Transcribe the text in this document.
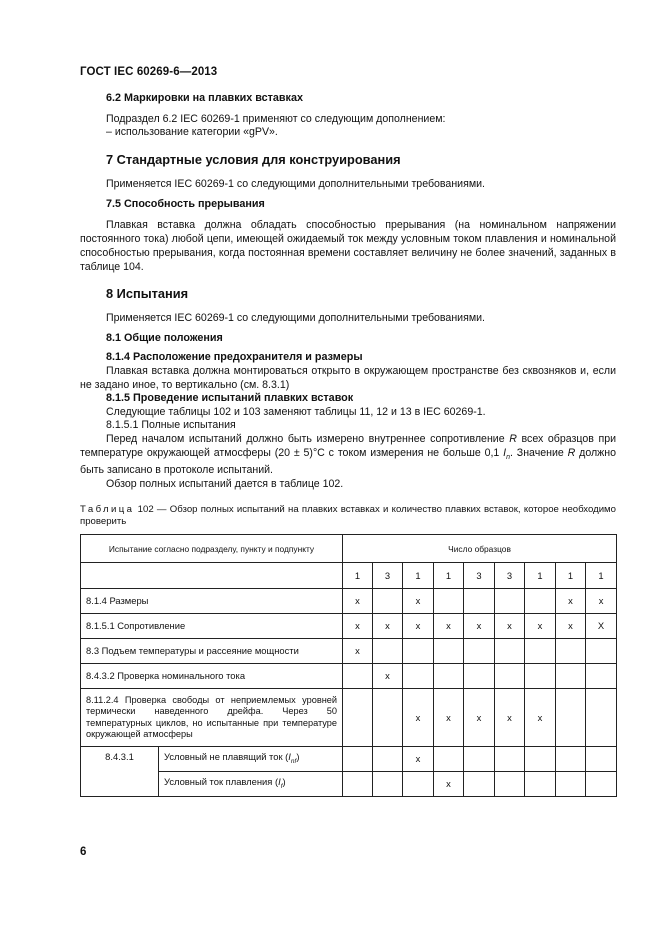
ГОСТ IEC 60269-6—2013
6.2 Маркировки на плавких вставках

Подраздел 6.2 IEC 60269-1 применяют со следующим дополнением:

– использование категории «gPV».

7 Стандартные условия для конструирования

Применяется IEC 60269-1 со следующими дополнительными требованиями.

7.5 Способность прерывания

Плавкая вставка должна обладать способностью прерывания (на номинальном напряжении постоянного тока) любой цепи, имеющей ожидаемый ток между условным током плавления и номинальной способностью прерывания, когда постоянная времени составляет величину не более значений, заданных в таблице 104.

8 Испытания

Применяется IEC 60269-1 со следующими дополнительными требованиями.

8.1 Общие положения
8.1.4 Расположение предохранителя и размеры

Плавкая вставка должна монтироваться открыто в окружающем пространстве без сквозняков и, если не задано иное, то вертикально (см. 8.3.1)

8.1.5 Проведение испытаний плавких вставок

Следующие таблицы 102 и 103 заменяют таблицы 11, 12 и 13 в IEC 60269-1.

8.1.5.1 Полные испытания

Перед началом испытаний должно быть измерено внутреннее сопротивление R всех образцов при температуре окружающей атмосферы (20 ± 5)°С с током измерения не больше 0,1 $I_n$. Значение R должно быть записано в протоколе испытаний.

Обзор полных испытаний дается в таблице 102.

Таблица 102 — Обзор полных испытаний на плавких вставках и количество плавких вставок, которое необходимо проверить

Испытание согласно подразделу, пункту и подпункту		Число образцов								
		1	3	1	1	3	3	1	1	1
8.1.4 Размеры		x		x					x	x
8.1.5.1 Сопротивление		x	x	x	x	x	x	x	x	X
8.3 Подъем температуры и рассеяние мощности		x								
8.4.3.2 Проверка номинального тока			x							
8.11.2.4 Проверка свободы от неприемлемых уровней термически наведенного дрейфа. Через 50 температурных циклов, но испытанные при температуре окружающей атмосферы				x	x	x	x	x		
8.4.3.1	Условный не плавящий ток $(I_{nf})$			x						
	Условный ток плавления $(I_f)$				x					
6
